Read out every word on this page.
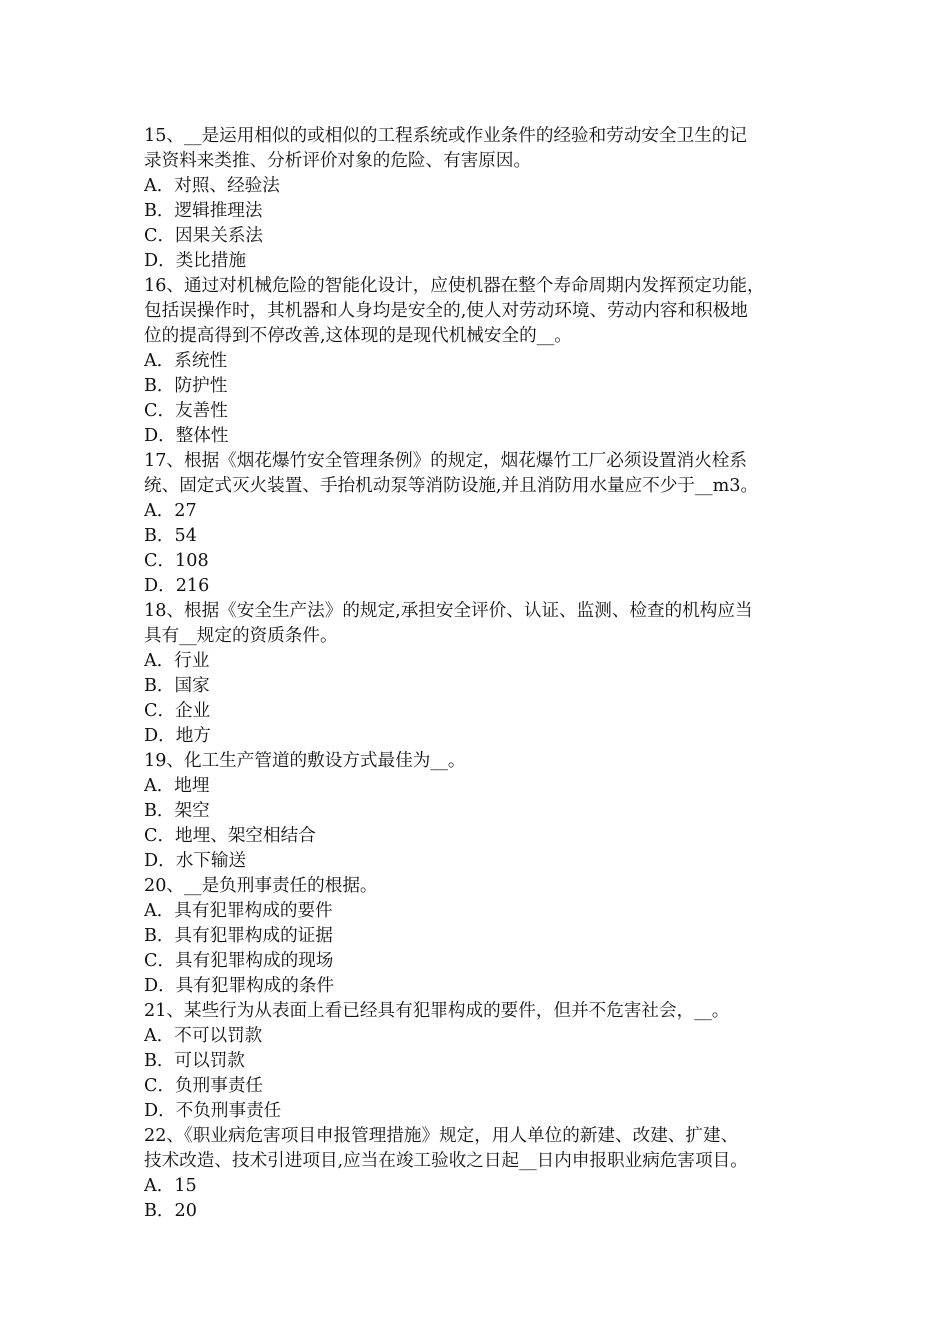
15、__是运用相似的或相似的工程系统或作业条件的经验和劳动安全卫生的记
录资料来类推、分析评价对象的危险、有害原因。
A．对照、经验法
B．逻辑推理法
C．因果关系法
D．类比措施
16、通过对机械危险的智能化设计，应使机器在整个寿命周期内发挥预定功能，
包括误操作时，其机器和人身均是安全的,使人对劳动环境、劳动内容和积极地
位的提高得到不停改善,这体现的是现代机械安全的__。
A．系统性
B．防护性
C．友善性
D．整体性
17、根据《烟花爆竹安全管理条例》的规定，烟花爆竹工厂必须设置消火栓系
统、固定式灭火装置、手抬机动泵等消防设施,并且消防用水量应不少于__m3。
A．27
B．54
C．108
D．216
18、根据《安全生产法》的规定,承担安全评价、认证、监测、检查的机构应当
具有__规定的资质条件。
A．行业
B．国家
C．企业
D．地方
19、化工生产管道的敷设方式最佳为__。
A．地埋
B．架空
C．地埋、架空相结合
D．水下输送
20、__是负刑事责任的根据。
A．具有犯罪构成的要件
B．具有犯罪构成的证据
C．具有犯罪构成的现场
D．具有犯罪构成的条件
21、某些行为从表面上看已经具有犯罪构成的要件，但并不危害社会，__。
A．不可以罚款
B．可以罚款
C．负刑事责任
D．不负刑事责任
22、《职业病危害项目申报管理措施》规定，用人单位的新建、改建、扩建、
技术改造、技术引进项目,应当在竣工验收之日起__日内申报职业病危害项目。
A．15
B．20
